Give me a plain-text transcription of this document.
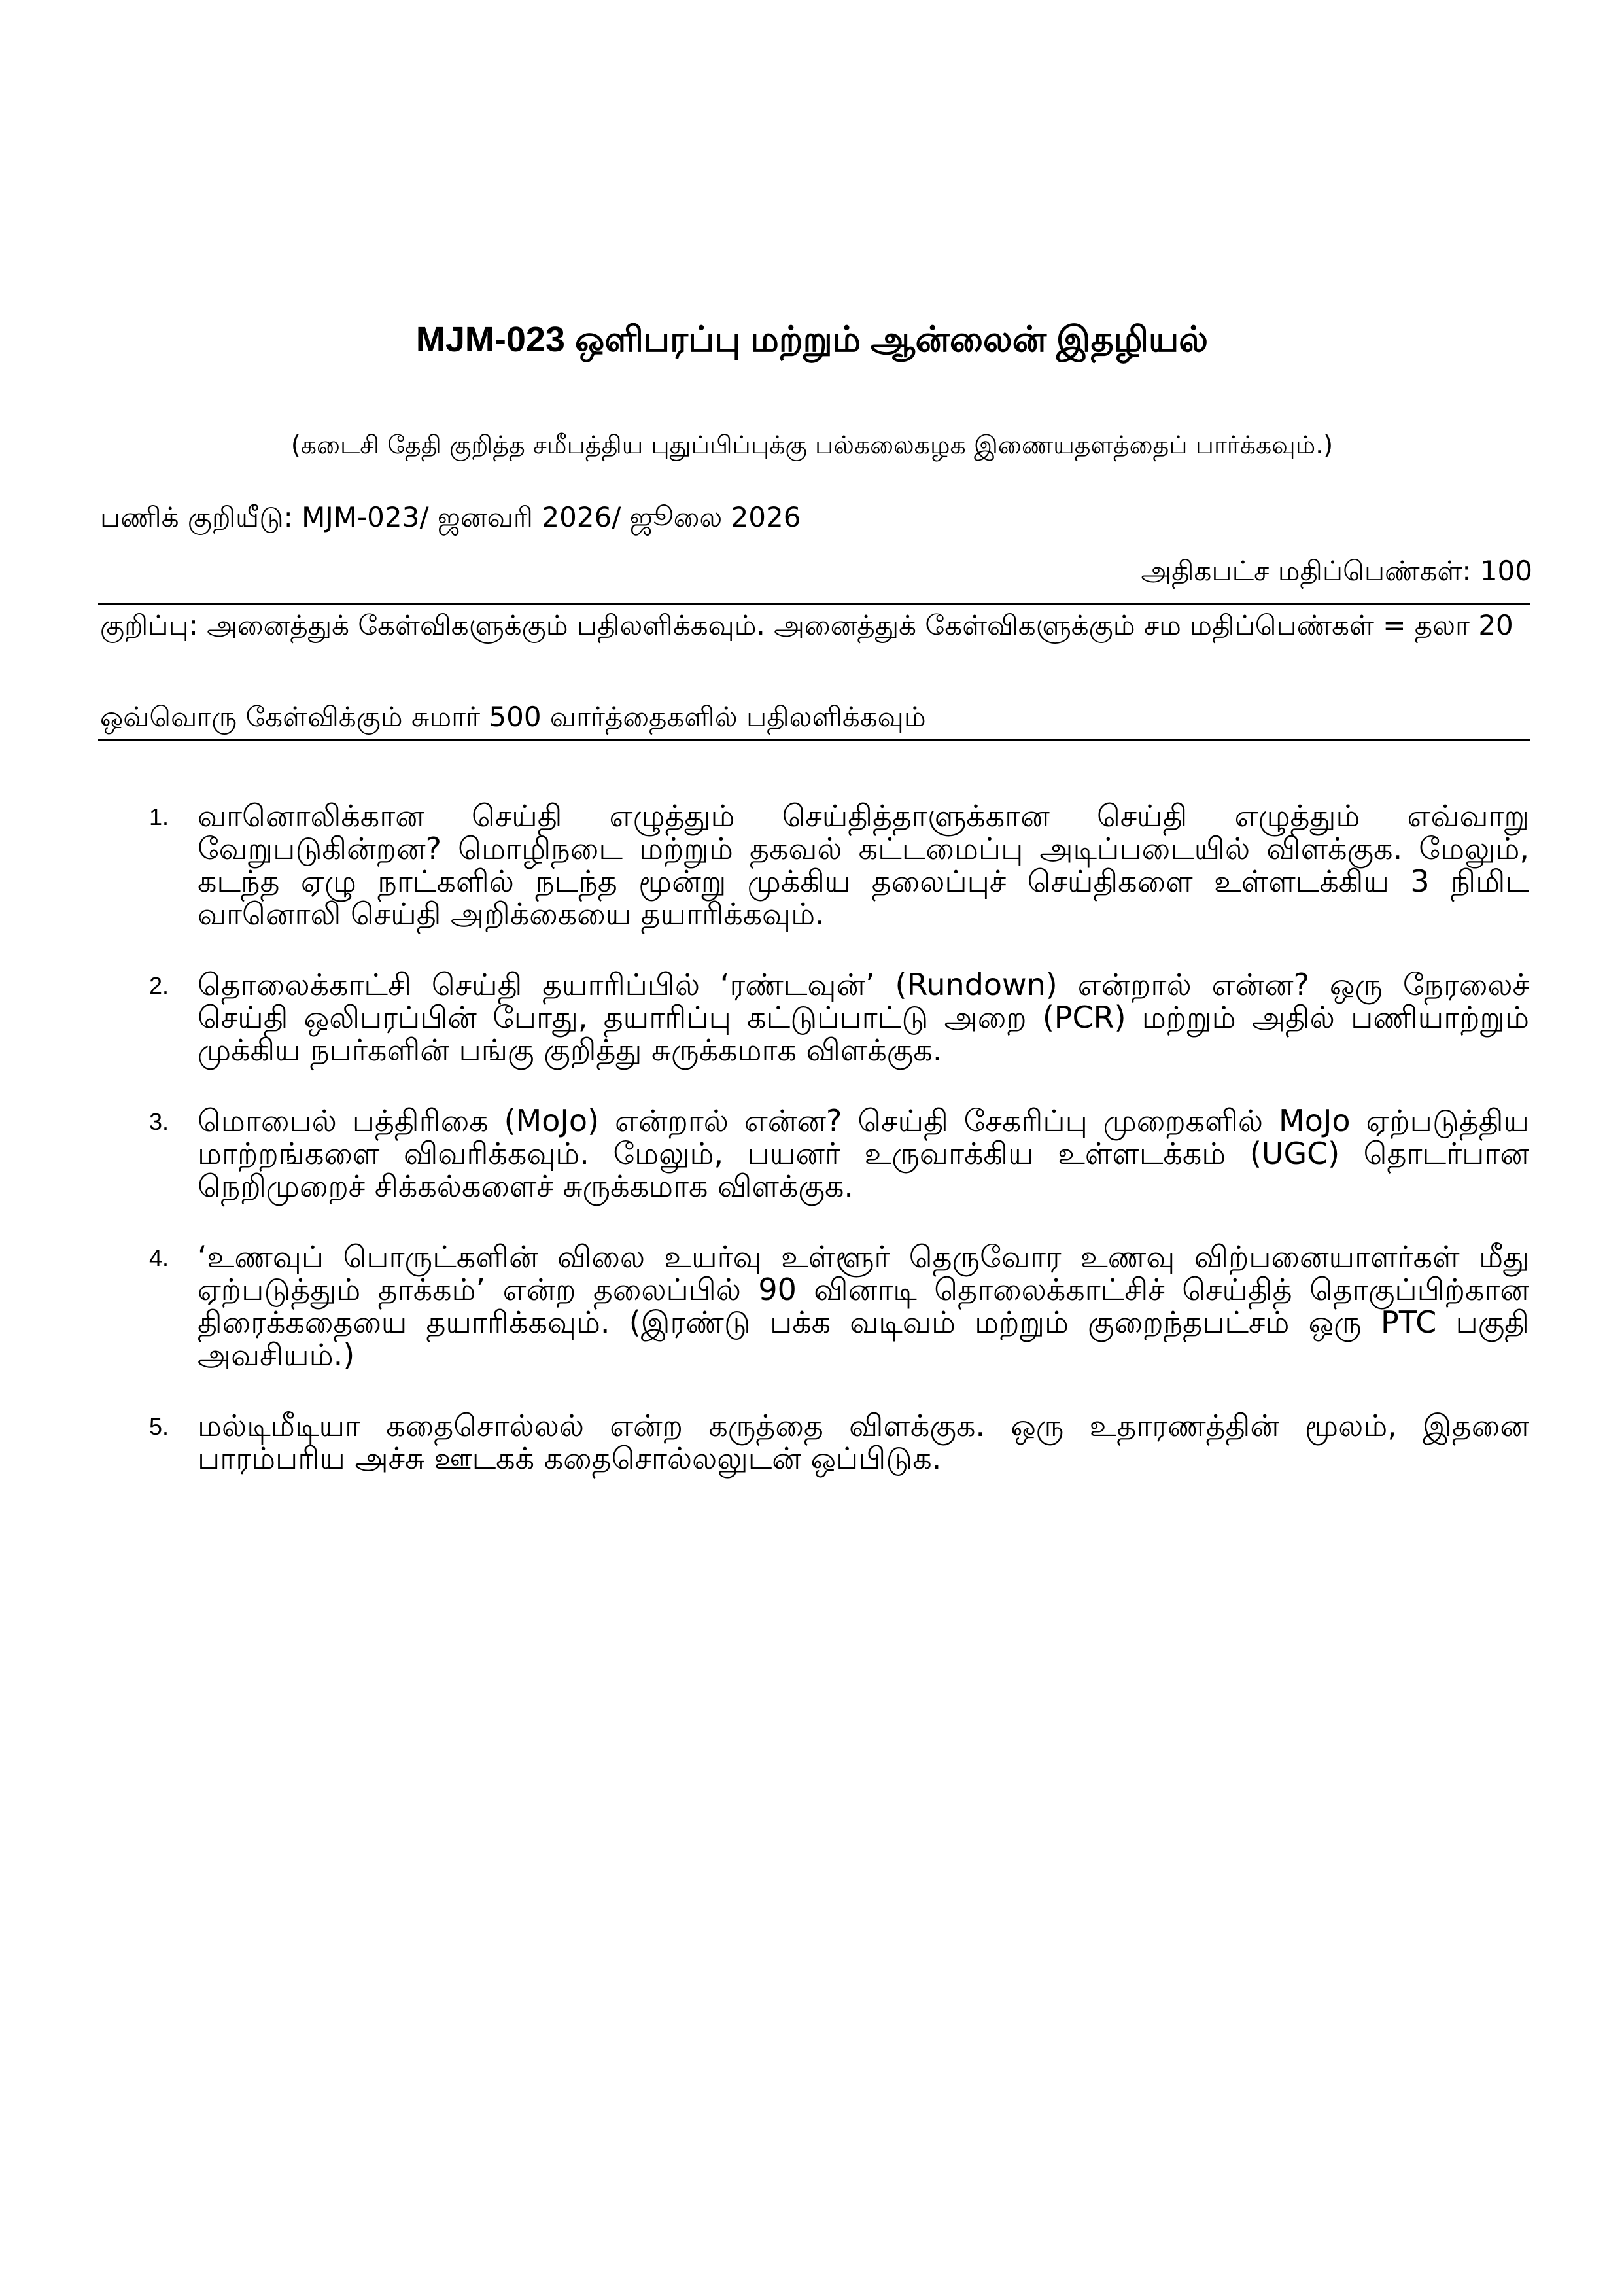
MJM-023 ஒளிபரப்பு மற்றும் ஆன்லைன் இதழியல்
(கடைசி தேதி குறித்த சமீபத்திய புதுப்பிப்புக்கு பல்கலைகழக இணையதளத்தைப் பார்க்கவும்.)
பணிக் குறியீடு: MJM-023/ ஜனவரி 2026/ ஜூலை 2026
அதிகபட்ச மதிப்பெண்கள்: 100
குறிப்பு: அனைத்துக் கேள்விகளுக்கும் பதிலளிக்கவும். அனைத்துக் கேள்விகளுக்கும் சம மதிப்பெண்கள் = தலா 20
ஒவ்வொரு கேள்விக்கும் சுமார் 500 வார்த்தைகளில் பதிலளிக்கவும்
1. வானொலிக்கான செய்தி எழுத்தும் செய்தித்தாளுக்கான செய்தி எழுத்தும் எவ்வாறு வேறுபடுகின்றன? மொழிநடை மற்றும் தகவல் கட்டமைப்பு அடிப்படையில் விளக்குக. மேலும், கடந்த ஏழு நாட்களில் நடந்த மூன்று முக்கிய தலைப்புச் செய்திகளை உள்ளடக்கிய 3 நிமிட வானொலி செய்தி அறிக்கையை தயாரிக்கவும்.
2. தொலைக்காட்சி செய்தி தயாரிப்பில் ‘ரண்டவுன்’ (Rundown) என்றால் என்ன? ஒரு நேரலைச் செய்தி ஒலிபரப்பின் போது, தயாரிப்பு கட்டுப்பாட்டு அறை (PCR) மற்றும் அதில் பணியாற்றும் முக்கிய நபர்களின் பங்கு குறித்து சுருக்கமாக விளக்குக.
3. மொபைல் பத்திரிகை (MoJo) என்றால் என்ன? செய்தி சேகரிப்பு முறைகளில் MoJo ஏற்படுத்திய மாற்றங்களை விவரிக்கவும். மேலும், பயனர் உருவாக்கிய உள்ளடக்கம் (UGC) தொடர்பான நெறிமுறைச் சிக்கல்களைச் சுருக்கமாக விளக்குக.
4. ‘உணவுப் பொருட்களின் விலை உயர்வு உள்ளூர் தெருவோர உணவு விற்பனையாளர்கள் மீது ஏற்படுத்தும் தாக்கம்’ என்ற தலைப்பில் 90 வினாடி தொலைக்காட்சிச் செய்தித் தொகுப்பிற்கான திரைக்கதையை தயாரிக்கவும். (இரண்டு பக்க வடிவம் மற்றும் குறைந்தபட்சம் ஒரு PTC பகுதி அவசியம்.)
5. மல்டிமீடியா கதைசொல்லல் என்ற கருத்தை விளக்குக. ஒரு உதாரணத்தின் மூலம், இதனை பாரம்பரிய அச்சு ஊடகக் கதைசொல்லலுடன் ஒப்பிடுக.
